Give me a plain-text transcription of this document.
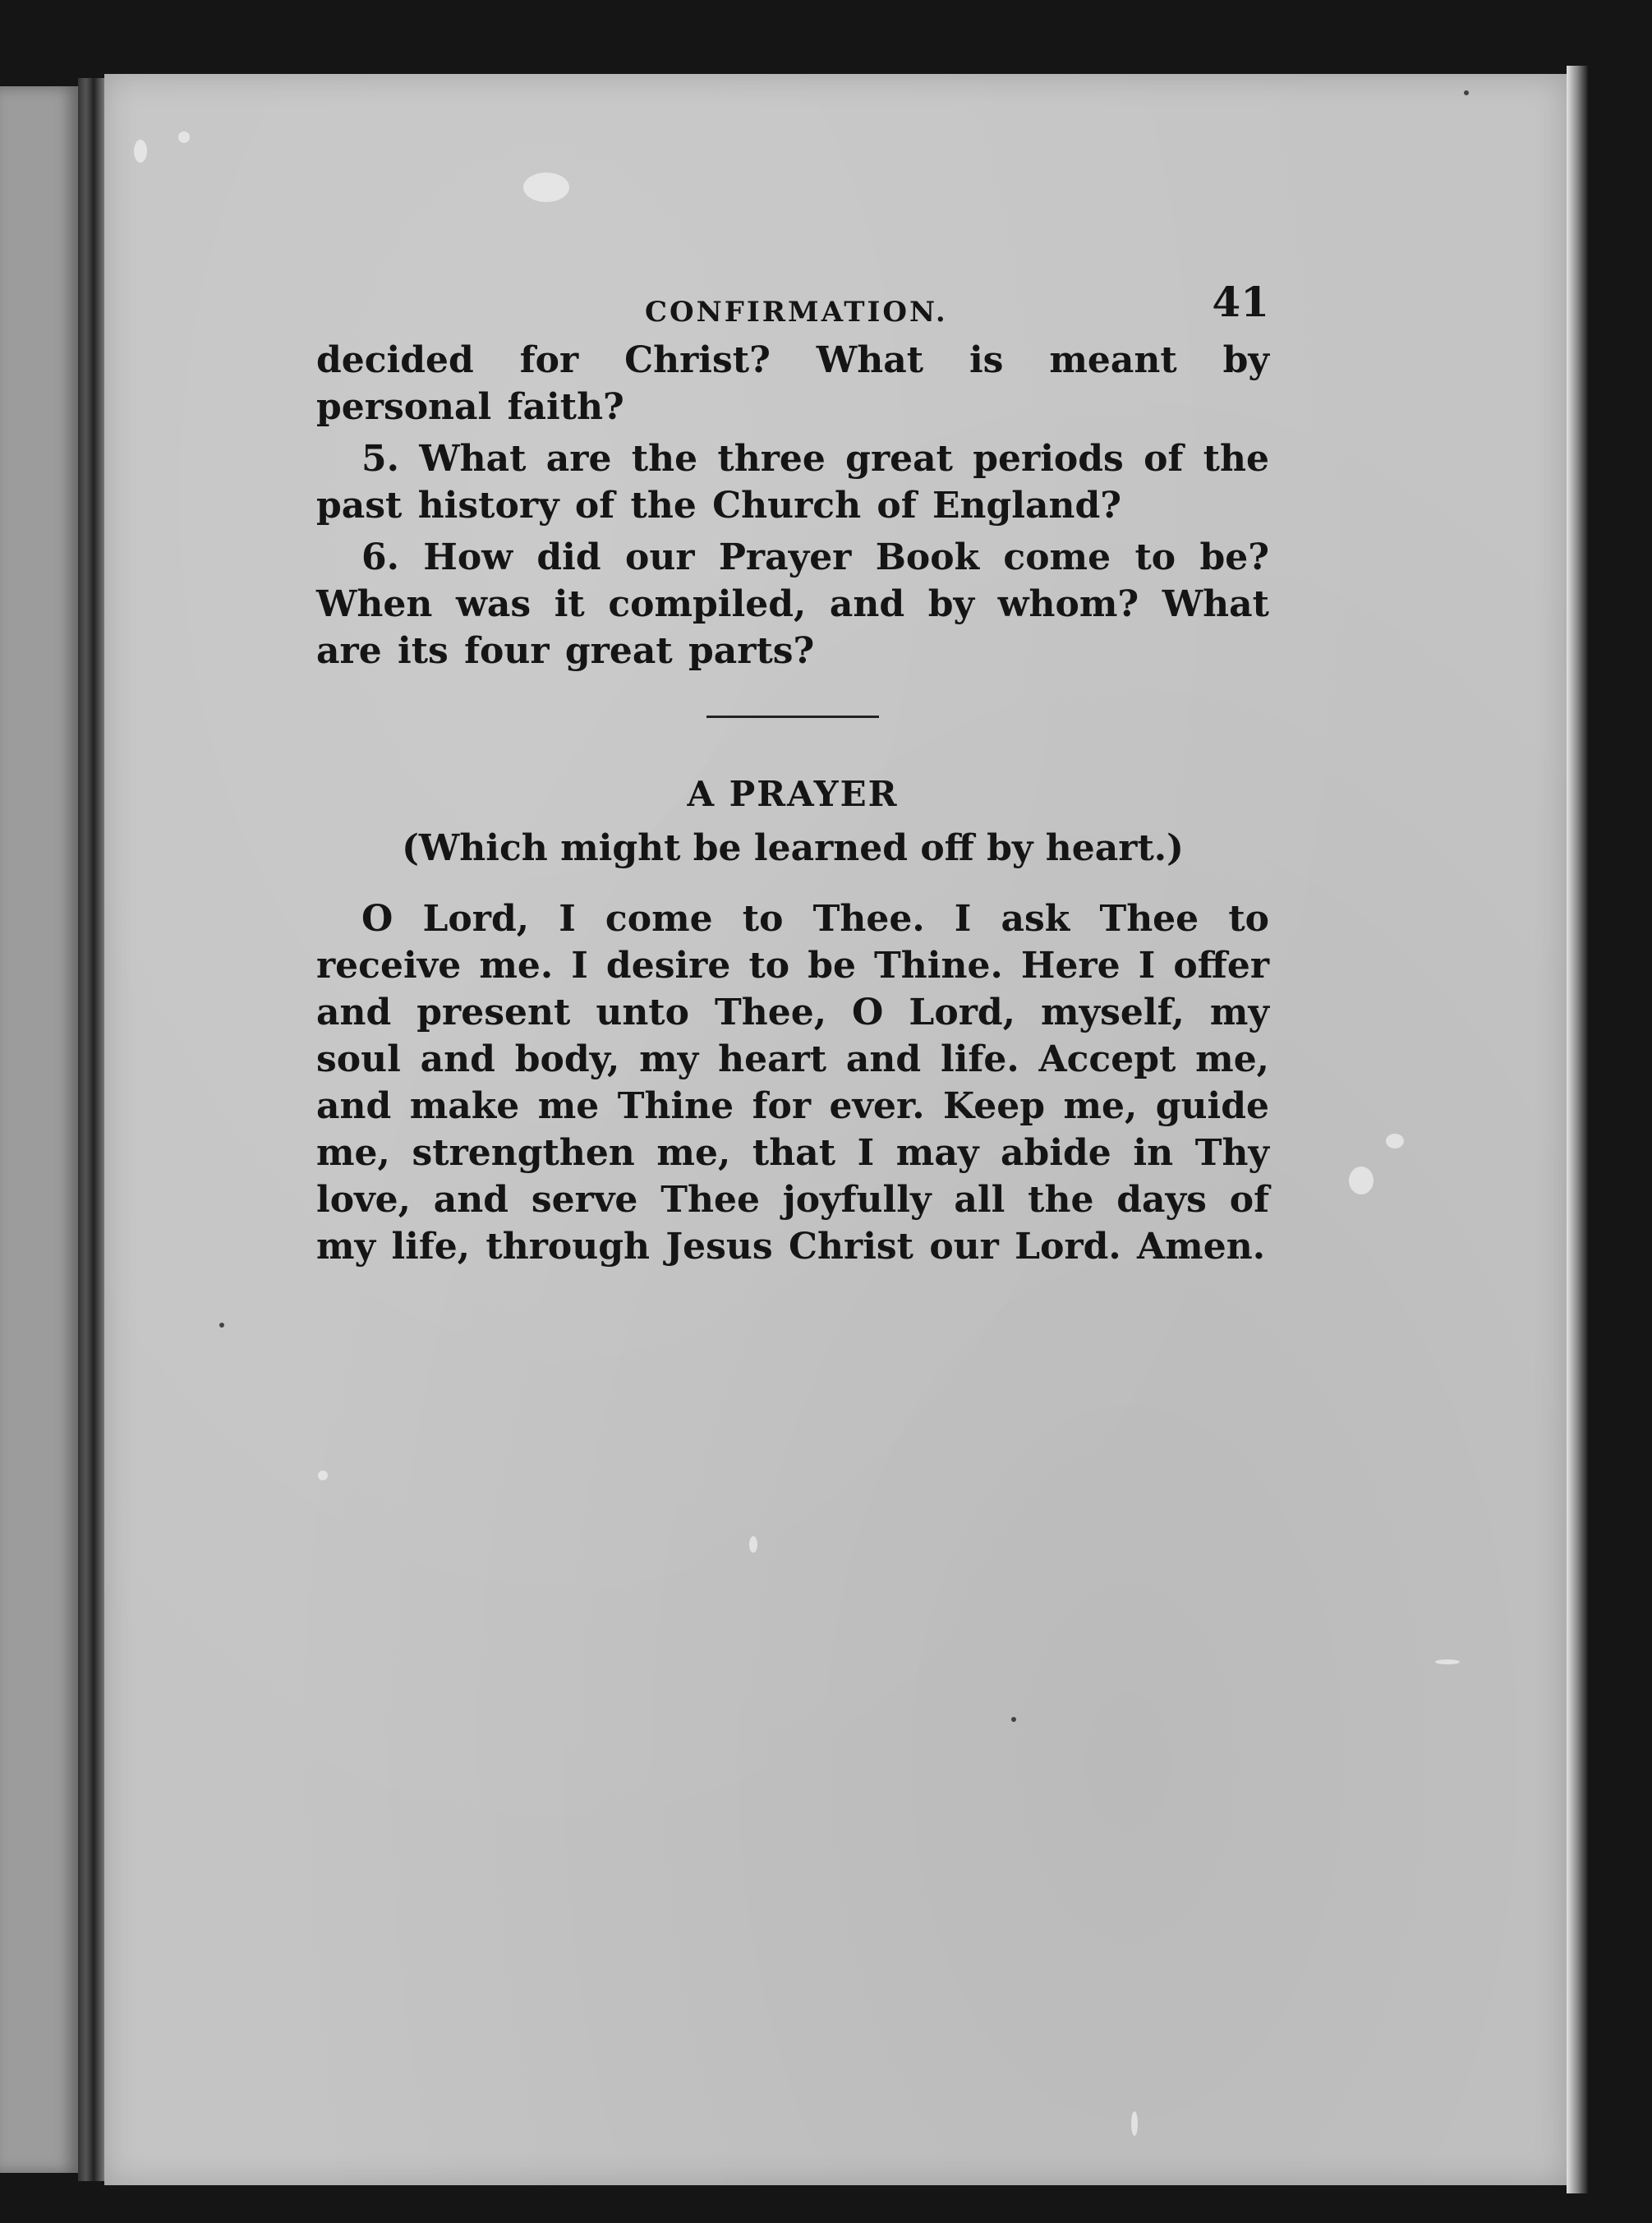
CONFIRMATION.	41

decided for Christ? What is meant by personal faith?

5. What are the three great periods of the past history of the Church of England?

6. How did our Prayer Book come to be? When was it compiled, and by whom? What are its four great parts?

A PRAYER

(Which might be learned off by heart.)

O Lord, I come to Thee. I ask Thee to receive me. I desire to be Thine. Here I offer and present unto Thee, O Lord, myself, my soul and body, my heart and life. Accept me, and make me Thine for ever. Keep me, guide me, strengthen me, that I may abide in Thy love, and serve Thee joyfully all the days of my life, through Jesus Christ our Lord. Amen.
